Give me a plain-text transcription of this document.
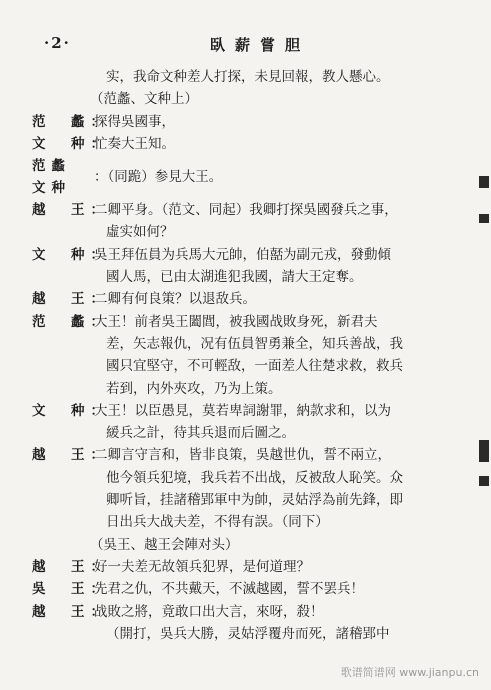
·2·	臥薪嘗胆
实，我命文种差人打探，未見回報，教人懸心。
（范蠡、文种上）
范　蠡：
探得吳國事，
文　种：
忙奏大王知。
范蠡
文种
：（同跪）参見大王。
越　王：
二卿平身。（范文、同起）我卿打探吳國發兵之事，
虛实如何？
文　种：
吳王拜伍員为兵馬大元帥，伯嚭为副元戎，發動傾
國人馬，已由太湖進犯我國，請大王定奪。
越　王：
二卿有何良策？以退敌兵。
范　蠡：
大王！前者吳王闔閭，被我國战敗身死，新君夫
差，矢志報仇，况有伍員智勇兼全，知兵善战，我
國只宜堅守，不可輕敌，一面差人往楚求救，救兵
若到，内外夾攻，乃为上策。
文　种：
大王！以臣愚見，莫若卑詞謝罪，納款求和，以为
緩兵之計，待其兵退而后圖之。
越　王：
二卿言守言和，皆非良策，吳越世仇，誓不兩立，
他今領兵犯境，我兵若不出战，反被敌人恥笑。众
卿听旨，挂諸稽郢軍中为帥，灵姑浮為前先鋒，即
日出兵大战夫差，不得有誤。（同下）
（吳王、越王会陣对头）
越　王：
好一夫差无故領兵犯界，是何道理？
吳　王：
先君之仇，不共戴天，不滅越國，誓不罢兵！
越　王：
战敗之將，竟敢口出大言，來呀，殺！
（開打，吳兵大勝，灵姑浮覆舟而死，諸稽郢中
歌谱简谱网 www.jianpu.cn
